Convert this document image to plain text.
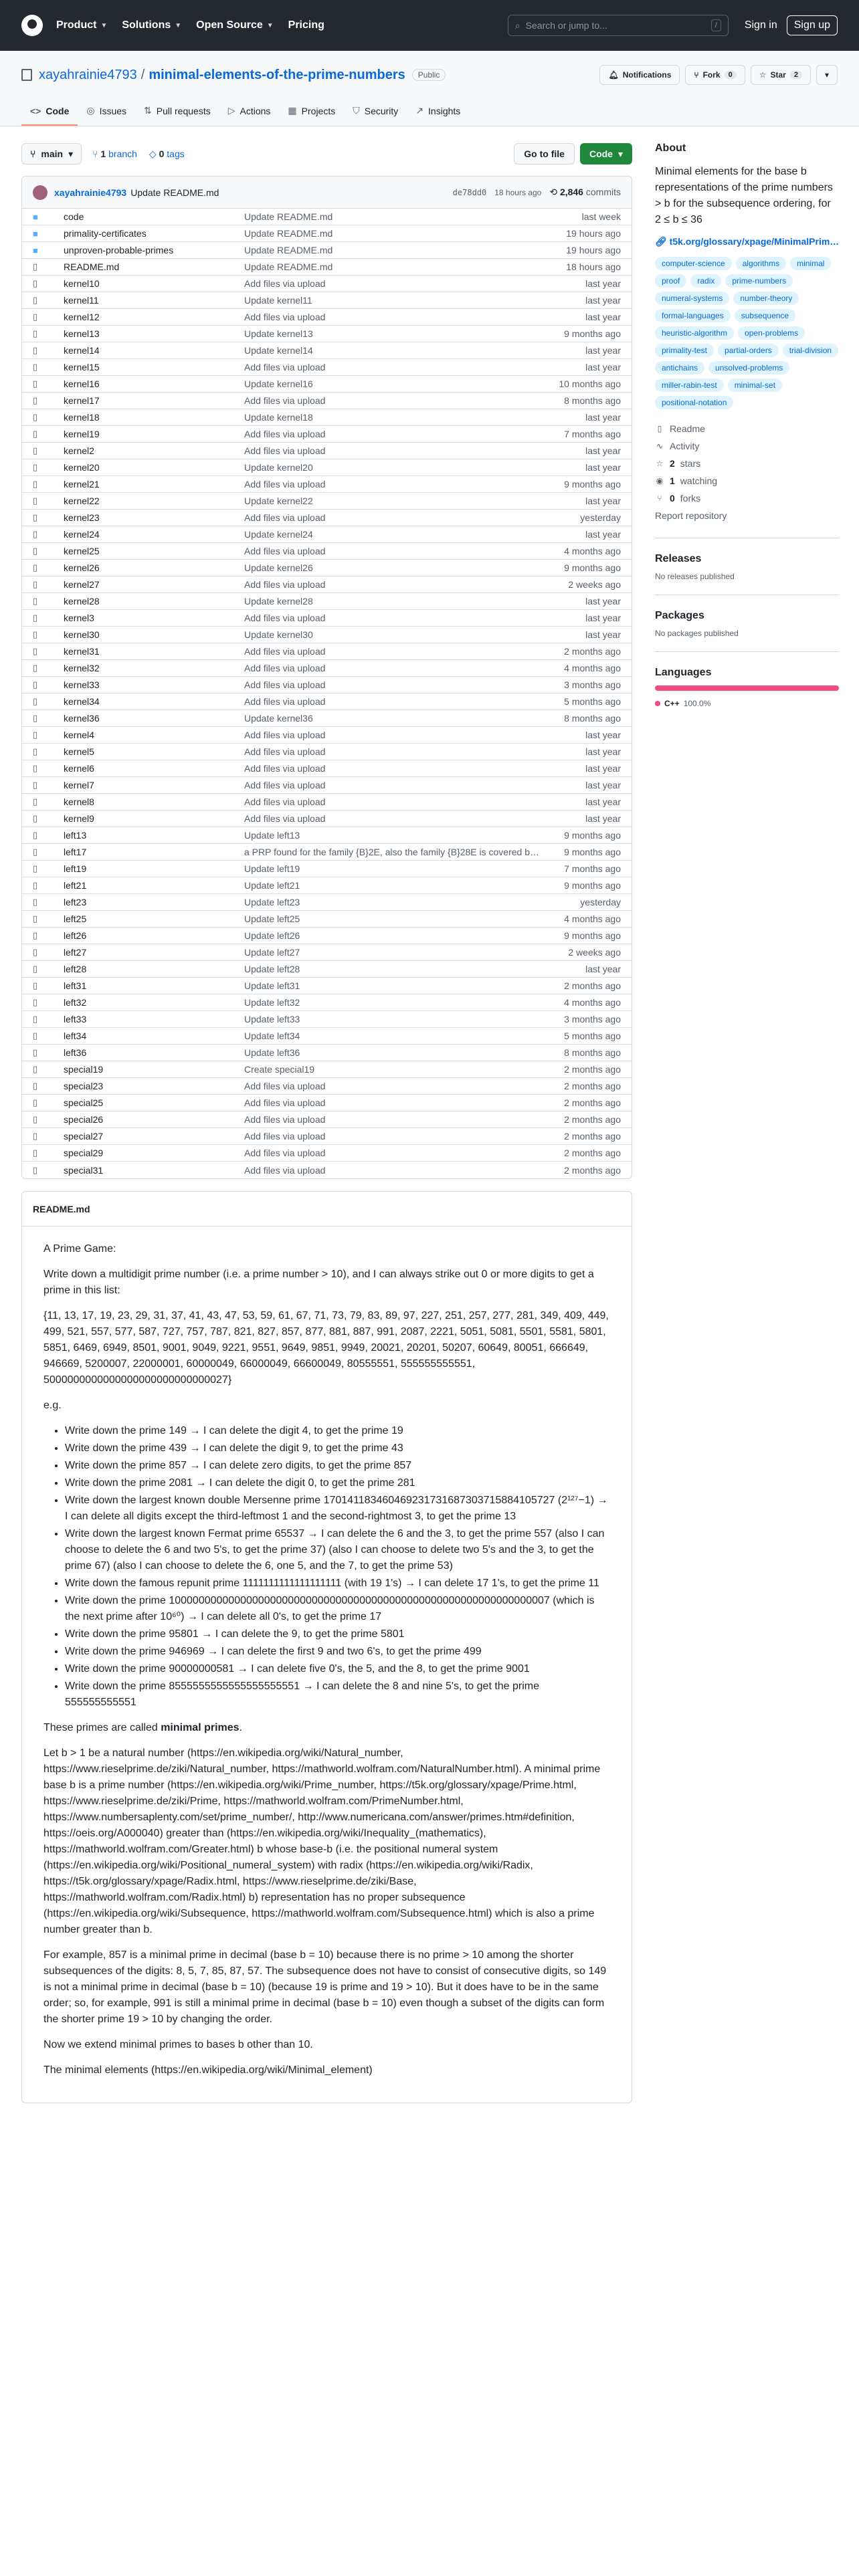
Product ▼ Solutions ▼ Open Source ▼ Pricing	⌕ Search or jump to...	/	Sign in	Sign up
xayahrainie4793 / minimal-elements-of-the-prime-numbers	Public	🔔︎ Notifications	⑂ Fork	0	☆ Star	2	▾
<> Code ◎ Issues ⇅ Pull requests ▷ Actions ▦ Projects ⛉ Security ↗ Insights
⑂ main ▾ ⑂ 1 branch ◇ 0 tags	Go to file	Code ▾
xayahrainie4793 Update README.md	de78dd0 18 hours ago ⟲ 2,846 commits
■
code	Update README.md	last week
■
primality-certificates	Update README.md	19 hours ago
■
unproven-probable-primes	Update README.md	19 hours ago
▯
README.md	Update README.md	18 hours ago
▯
kernel10	Add files via upload	last year
▯
kernel11	Update kernel11	last year
▯
kernel12	Add files via upload	last year
▯
kernel13	Update kernel13	9 months ago
▯
kernel14	Update kernel14	last year
▯
kernel15	Add files via upload	last year
▯
kernel16	Update kernel16	10 months ago
▯
kernel17	Add files via upload	8 months ago
▯
kernel18	Update kernel18	last year
▯
kernel19	Add files via upload	7 months ago
▯
kernel2	Add files via upload	last year
▯
kernel20	Update kernel20	last year
▯
kernel21	Add files via upload	9 months ago
▯
kernel22	Update kernel22	last year
▯
kernel23	Add files via upload	yesterday
▯
kernel24	Update kernel24	last year
▯
kernel25	Add files via upload	4 months ago
▯
kernel26	Update kernel26	9 months ago
▯
kernel27	Add files via upload	2 weeks ago
▯
kernel28	Update kernel28	last year
▯
kernel3	Add files via upload	last year
▯
kernel30	Update kernel30	last year
▯
kernel31	Add files via upload	2 months ago
▯
kernel32	Add files via upload	4 months ago
▯
kernel33	Add files via upload	3 months ago
▯
kernel34	Add files via upload	5 months ago
▯
kernel36	Update kernel36	8 months ago
▯
kernel4	Add files via upload	last year
▯
kernel5	Add files via upload	last year
▯
kernel6	Add files via upload	last year
▯
kernel7	Add files via upload	last year
▯
kernel8	Add files via upload	last year
▯
kernel9	Add files via upload	last year
▯
left13	Update left13	9 months ago
▯
left17	a PRP found for the family {B}2E, also the family {B}28E is covered b…	9 months ago
▯
left19	Update left19	7 months ago
▯
left21	Update left21	9 months ago
▯
left23	Update left23	yesterday
▯
left25	Update left25	4 months ago
▯
left26	Update left26	9 months ago
▯
left27	Update left27	2 weeks ago
▯
left28	Update left28	last year
▯
left31	Update left31	2 months ago
▯
left32	Update left32	4 months ago
▯
left33	Update left33	3 months ago
▯
left34	Update left34	5 months ago
▯
left36	Update left36	8 months ago
▯
special19	Create special19	2 months ago
▯
special23	Add files via upload	2 months ago
▯
special25	Add files via upload	2 months ago
▯
special26	Add files via upload	2 months ago
▯
special27	Add files via upload	2 months ago
▯
special29	Add files via upload	2 months ago
▯
special31	Add files via upload	2 months ago
README.md

A Prime Game:

Write down a multidigit prime number (i.e. a prime number > 10), and I can always strike out 0 or more digits to get a prime in this list:

{11, 13, 17, 19, 23, 29, 31, 37, 41, 43, 47, 53, 59, 61, 67, 71, 73, 79, 83, 89, 97, 227, 251, 257, 277, 281, 349, 409, 449, 499, 521, 557, 577, 587, 727, 757, 787, 821, 827, 857, 877, 881, 887, 991, 2087, 2221, 5051, 5081, 5501, 5581, 5801, 5851, 6469, 6949, 8501, 9001, 9049, 9221, 9551, 9649, 9851, 9949, 20021, 20201, 50207, 60649, 80051, 666649, 946669, 5200007, 22000001, 60000049, 66000049, 66600049, 80555551, 555555555551, 5000000000000000000000000000027}

e.g.

• Write down the prime 149 → I can delete the digit 4, to get the prime 19
• Write down the prime 439 → I can delete the digit 9, to get the prime 43
• Write down the prime 857 → I can delete zero digits, to get the prime 857
• Write down the prime 2081 → I can delete the digit 0, to get the prime 281
• Write down the largest known double Mersenne prime 170141183460469231731687303715884105727 (2¹²⁷−1) → I can delete all digits except the third-leftmost 1 and the second-rightmost 3, to get the prime 13
• Write down the largest known Fermat prime 65537 → I can delete the 6 and the 3, to get the prime 557 (also I can choose to delete the 6 and two 5's, to get the prime 37) (also I can choose to delete two 5's and the 3, to get the prime 67) (also I can choose to delete the 6, one 5, and the 7, to get the prime 53)
• Write down the famous repunit prime 1111111111111111111 (with 19 1's) → I can delete 17 1's, to get the prime 11
• Write down the prime 1000000000000000000000000000000000000000000000000000000000000007 (which is the next prime after 10⁶⁰) → I can delete all 0's, to get the prime 17
• Write down the prime 95801 → I can delete the 9, to get the prime 5801
• Write down the prime 946969 → I can delete the first 9 and two 6's, to get the prime 499
• Write down the prime 90000000581 → I can delete five 0's, the 5, and the 8, to get the prime 9001
• Write down the prime 8555555555555555555551 → I can delete the 8 and nine 5's, to get the prime 555555555551

These primes are called minimal primes.

Let b > 1 be a natural number (https://en.wikipedia.org/wiki/Natural_number, https://www.rieselprime.de/ziki/Natural_number, https://mathworld.wolfram.com/NaturalNumber.html). A minimal prime base b is a prime number (https://en.wikipedia.org/wiki/Prime_number, https://t5k.org/glossary/xpage/Prime.html, https://www.rieselprime.de/ziki/Prime, https://mathworld.wolfram.com/PrimeNumber.html, https://www.numbersaplenty.com/set/prime_number/, http://www.numericana.com/answer/primes.htm#definition, https://oeis.org/A000040) greater than (https://en.wikipedia.org/wiki/Inequality_(mathematics), https://mathworld.wolfram.com/Greater.html) b whose base-b (i.e. the positional numeral system (https://en.wikipedia.org/wiki/Positional_numeral_system) with radix (https://en.wikipedia.org/wiki/Radix, https://t5k.org/glossary/xpage/Radix.html, https://www.rieselprime.de/ziki/Base, https://mathworld.wolfram.com/Radix.html) b) representation has no proper subsequence (https://en.wikipedia.org/wiki/Subsequence, https://mathworld.wolfram.com/Subsequence.html) which is also a prime number greater than b.

For example, 857 is a minimal prime in decimal (base b = 10) because there is no prime > 10 among the shorter subsequences of the digits: 8, 5, 7, 85, 87, 57. The subsequence does not have to consist of consecutive digits, so 149 is not a minimal prime in decimal (base b = 10) (because 19 is prime and 19 > 10). But it does have to be in the same order; so, for example, 991 is still a minimal prime in decimal (base b = 10) even though a subset of the digits can form the shorter prime 19 > 10 by changing the order.

Now we extend minimal primes to bases b other than 10.

The minimal elements (https://en.wikipedia.org/wiki/Minimal_element)

About

Minimal elements for the base b representations of the prime numbers > b for the subsequence ordering, for 2 ≤ b ≤ 36

🔗︎ t5k.org/glossary/xpage/MinimalPrim…
computer-science	algorithms	minimal
proof	radix	prime-numbers
numeral-systems	number-theory
formal-languages	subsequence
heuristic-algorithm	open-problems
primality-test	partial-orders	trial-division
antichains	unsolved-problems
miller-rabin-test	minimal-set
positional-notation
▯ Readme
∿ Activity
☆ 2 stars
◉ 1 watching
⑂ 0 forks
Report repository
Releases
No releases published
Packages
No packages published
Languages
C++ 100.0%
